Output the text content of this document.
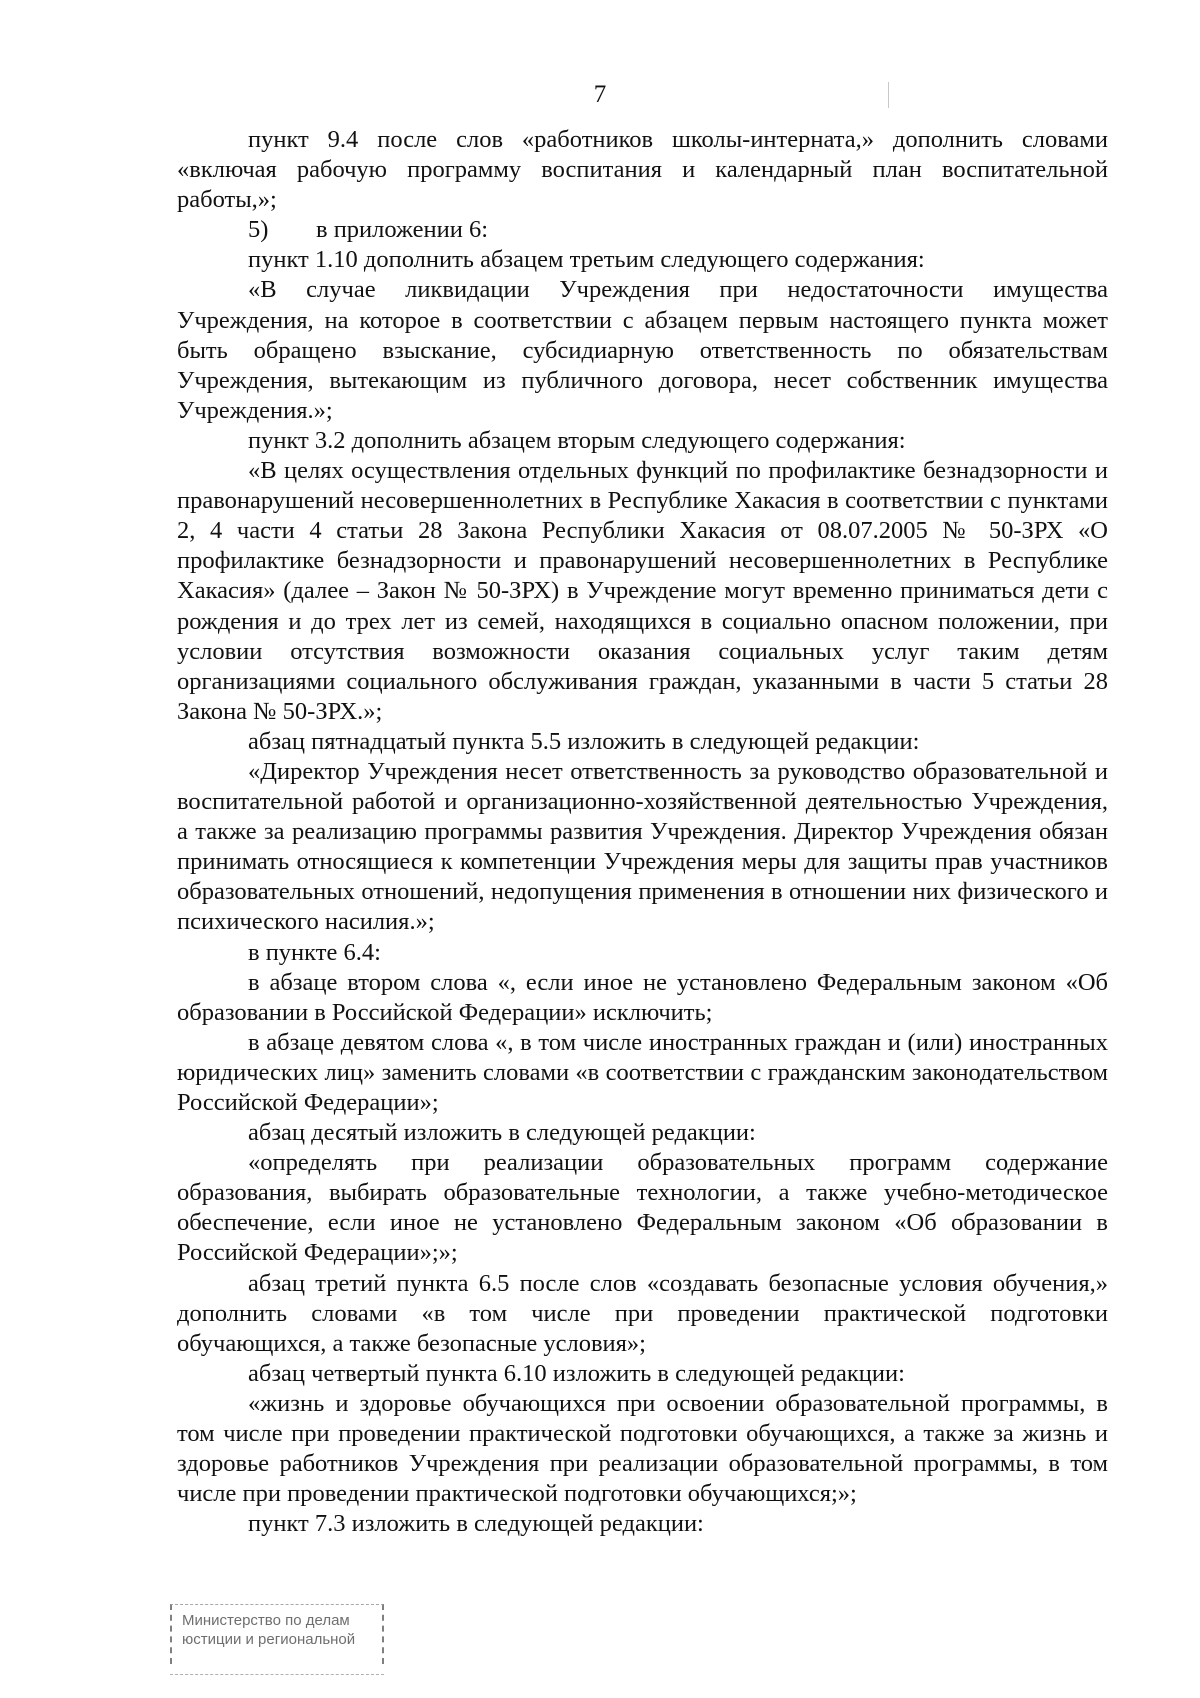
7

пункт 9.4 после слов «работников школы-интерната,» дополнить словами «включая рабочую программу воспитания и календарный план воспитательной работы,»;

5) в приложении 6:

пункт 1.10 дополнить абзацем третьим следующего содержания:

«В случае ликвидации Учреждения при недостаточности имущества Учреждения, на которое в соответствии с абзацем первым настоящего пункта может быть обращено взыскание, субсидиарную ответственность по обязательствам Учреждения, вытекающим из публичного договора, несет собственник имущества Учреждения.»;

пункт 3.2 дополнить абзацем вторым следующего содержания:

«В целях осуществления отдельных функций по профилактике безнадзорности и правонарушений несовершеннолетних в Республике Хакасия в соответствии с пунктами 2, 4 части 4 статьи 28 Закона Республики Хакасия от 08.07.2005 № 50-ЗРХ «О профилактике безнадзорности и правонарушений несовершеннолетних в Республике Хакасия» (далее – Закон № 50-ЗРХ) в Учреждение могут временно приниматься дети с рождения и до трех лет из семей, находящихся в социально опасном положении, при условии отсутствия возможности оказания социальных услуг таким детям организациями социального обслуживания граждан, указанными в части 5 статьи 28 Закона № 50-ЗРХ.»;

абзац пятнадцатый пункта 5.5 изложить в следующей редакции:

«Директор Учреждения несет ответственность за руководство образовательной и воспитательной работой и организационно-хозяйственной деятельностью Учреждения, а также за реализацию программы развития Учреждения. Директор Учреждения обязан принимать относящиеся к компетенции Учреждения меры для защиты прав участников образовательных отношений, недопущения применения в отношении них физического и психического насилия.»;

в пункте 6.4:

в абзаце втором слова «, если иное не установлено Федеральным законом «Об образовании в Российской Федерации» исключить;

в абзаце девятом слова «, в том числе иностранных граждан и (или) иностранных юридических лиц» заменить словами «в соответствии с гражданским законодательством Российской Федерации»;

абзац десятый изложить в следующей редакции:

«определять при реализации образовательных программ содержание образования, выбирать образовательные технологии, а также учебно-методическое обеспечение, если иное не установлено Федеральным законом «Об образовании в Российской Федерации»;»;

абзац третий пункта 6.5 после слов «создавать безопасные условия обучения,» дополнить словами «в том числе при проведении практической подготовки обучающихся, а также безопасные условия»;

абзац четвертый пункта 6.10 изложить в следующей редакции:

«жизнь и здоровье обучающихся при освоении образовательной программы, в том числе при проведении практической подготовки обучающихся, а также за жизнь и здоровье работников Учреждения при реализации образовательной программы, в том числе при проведении практической подготовки обучающихся;»;

пункт 7.3 изложить в следующей редакции:

Министерство по делам
юстиции и региональной
